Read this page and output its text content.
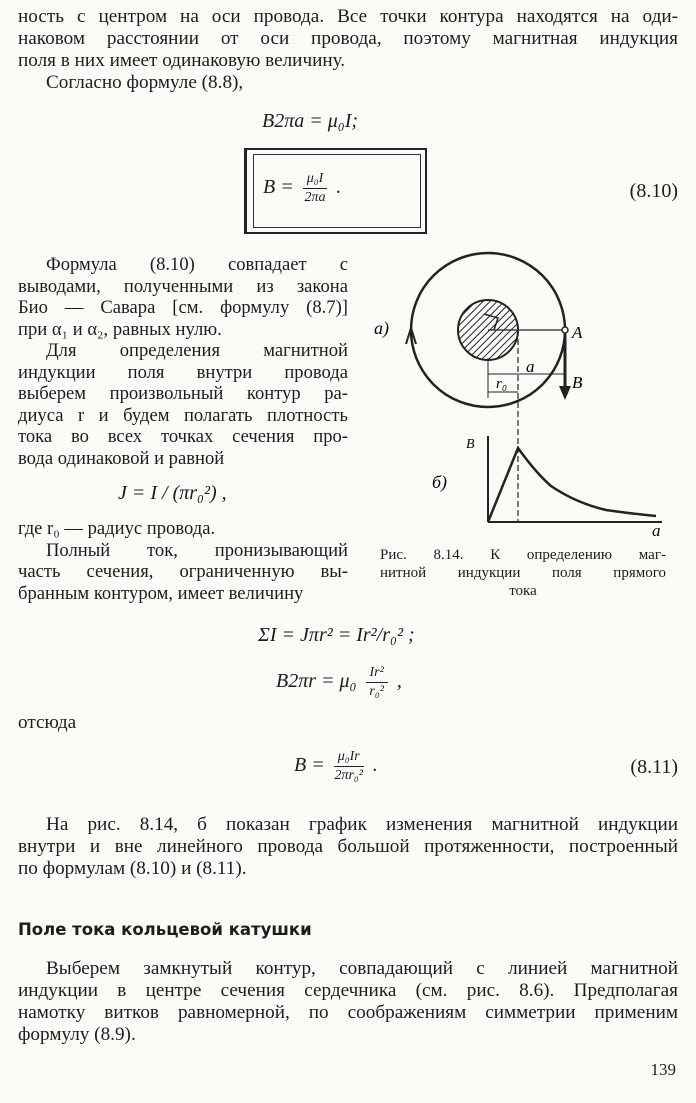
ность с центром на оси провода. Все точки контура находятся на оди-
наковом расстоянии от оси провода, поэтому магнитная индукция
поля в них имеет одинаковую величину.
Согласно формуле (8.8),
B2πa = μ₀I;
$B = \frac{\text{μ₀I}}{2\pi a}$ .	(8.10)
Формула (8.10) совпадает с
выводами, полученными из закона
Био — Савара [см. формулу (8.7)]
при α₁ и α₂, равных нулю.
Для определения магнитной
индукции поля внутри провода
выберем произвольный контур ра-
диуса r и будем полагать плотность
тока во всех точках сечения про-
вода одинаковой и равной
J = I / (πr₀²) ,
где r₀ — радиус провода.
Полный ток, пронизывающий
часть сечения, ограниченную вы-
бранным контуром, имеет величину
а)	A
B
a
r₀
B
a
б)
Рис. 8.14. К определению маг-
нитной индукции поля прямого
тока
ΣI = Jπr² = Ir²/r₀² ;
$B2\pi r = \mu_0 \frac{\text{Ir²}}{\text{r₀²}}$ ,
отсюда
$B = \frac{\text{μ₀Ir}}{\text{2πr₀²}}$ .	(8.11)
На рис. 8.14, б показан график изменения магнитной индукции
внутри и вне линейного провода большой протяженности, построенный
по формулам (8.10) и (8.11).
Поле тока кольцевой катушки
Выберем замкнутый контур, совпадающий с линией магнитной
индукции в центре сечения сердечника (см. рис. 8.6). Предполагая
намотку витков равномерной, по соображениям симметрии применим
формулу (8.9).
139
